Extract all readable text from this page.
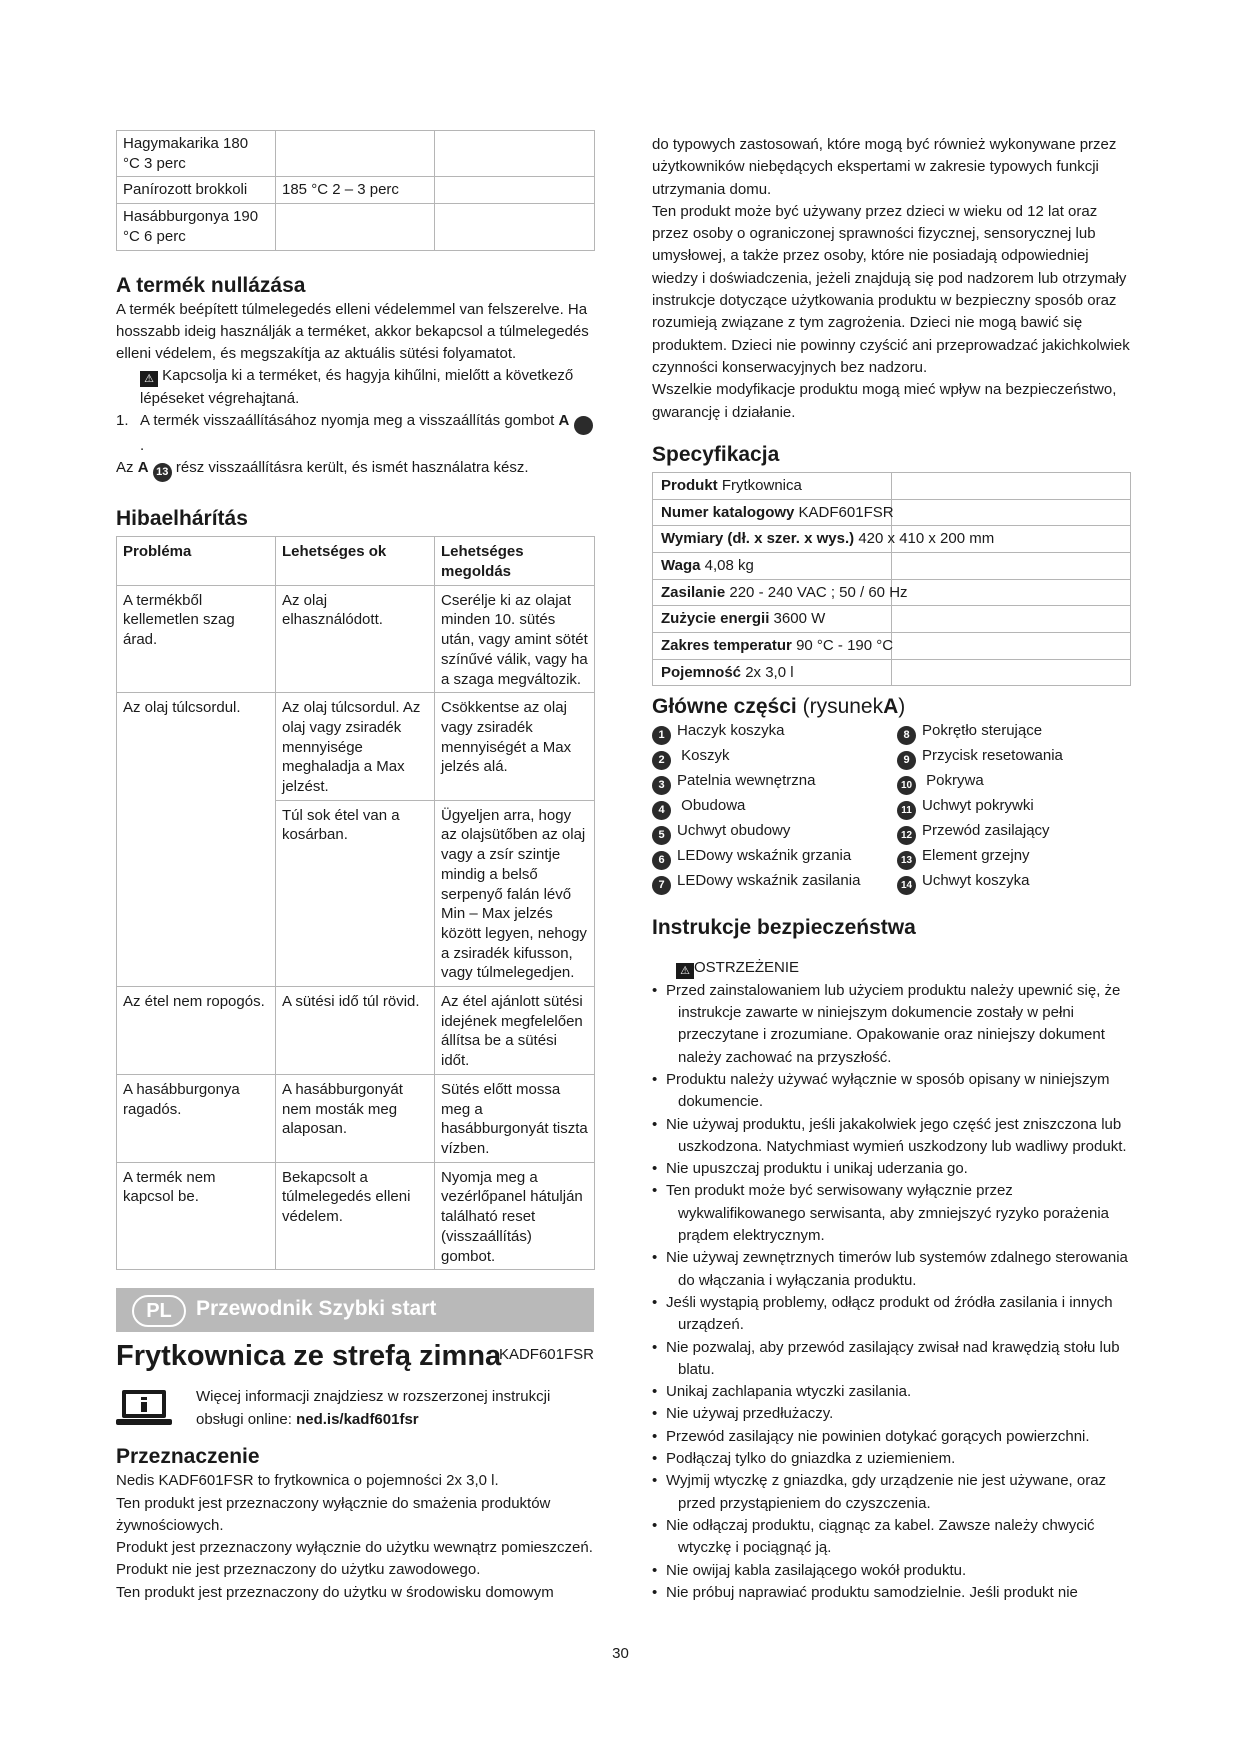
Hagymakarika 180 °C 3 perc		
Panírozott brokkoli	185 °C 2 – 3 perc	
Hasábburgonya 190 °C 6 perc		
A termék nullázása

A termék beépített túlmelegedés elleni védelemmel van felszerelve. Ha hosszabb ideig használják a terméket, akkor bekapcsol a túlmelegedés elleni védelem, és megszakítja az aktuális sütési folyamatot.

⚠ Kapcsolja ki a terméket, és hagyja kihűlni, mielőtt a következő lépéseket végrehajtaná.

1. A termék visszaállításához nyomja meg a visszaállítás gombot A 9.

Az A 13 rész visszaállításra került, és ismét használatra kész.

Hibaelhárítás
Probléma	Lehetséges ok	Lehetséges megoldás
A termékből kellemetlen szag árad.	Az olaj elhasználódott.	Cserélje ki az olajat minden 10. sütés után, vagy amint sötét színűvé válik, vagy ha a szaga megváltozik.
Az olaj túlcsordul.	Az olaj túlcsordul. Az olaj vagy zsiradék mennyisége meghaladja a Max jelzést.	Csökkentse az olaj vagy zsiradék mennyiségét a Max jelzés alá.
	Túl sok étel van a kosárban.	Ügyeljen arra, hogy az olajsütőben az olaj vagy a zsír szintje mindig a belső serpenyő falán lévő Min – Max jelzés között legyen, nehogy a zsiradék kifusson, vagy túlmelegedjen.
Az étel nem ropogós.	A sütési idő túl rövid.	Az étel ajánlott sütési idejének megfelelően állítsa be a sütési időt.
A hasábburgonya ragadós.	A hasábburgonyát nem mosták meg alaposan.	Sütés előtt mossa meg a hasábburgonyát tiszta vízben.
A termék nem kapcsol be.	Bekapcsolt a túlmelegedés elleni védelem.	Nyomja meg a vezérlőpanel hátulján található reset (visszaállítás) gombot.
PL	Przewodnik Szybki start
Frytkownica ze strefą zimna
KADF601FSR

Więcej informacji znajdziesz w rozszerzonej instrukcji obsługi online: ned.is/kadf601fsr

Przeznaczenie

Nedis KADF601FSR to frytkownica o pojemności 2x 3,0 l.

Ten produkt jest przeznaczony wyłącznie do smażenia produktów żywnościowych.

Produkt jest przeznaczony wyłącznie do użytku wewnątrz pomieszczeń.

Produkt nie jest przeznaczony do użytku zawodowego.

Ten produkt jest przeznaczony do użytku w środowisku domowym

do typowych zastosowań, które mogą być również wykonywane przez użytkowników niebędących ekspertami w zakresie typowych funkcji utrzymania domu.

Ten produkt może być używany przez dzieci w wieku od 12 lat oraz przez osoby o ograniczonej sprawności fizycznej, sensorycznej lub umysłowej, a także przez osoby, które nie posiadają odpowiedniej wiedzy i doświadczenia, jeżeli znajdują się pod nadzorem lub otrzymały instrukcje dotyczące użytkowania produktu w bezpieczny sposób oraz rozumieją związane z tym zagrożenia. Dzieci nie mogą bawić się produktem. Dzieci nie powinny czyścić ani przeprowadzać jakichkolwiek czynności konserwacyjnych bez nadzoru.

Wszelkie modyfikacje produktu mogą mieć wpływ na bezpieczeństwo, gwarancję i działanie.

Specyfikacja
Produkt Frytkownica	
Numer katalogowy KADF601FSR	
Wymiary (dł. x szer. x wys.) 420 x 410 x 200 mm	
Waga 4,08 kg	
Zasilanie 220 - 240 VAC ; 50 / 60 Hz	
Zużycie energii 3600 W	
Zakres temperatur 90 °C - 190 °C	
Pojemność 2x 3,0 l	
Główne części (rysunekA)
1 Haczyk koszyka	8 Pokrętło sterujące
2 Koszyk	9 Przycisk resetowania
3 Patelnia wewnętrzna	10 Pokrywa
4 Obudowa	11 Uchwyt pokrywki
5 Uchwyt obudowy	12 Przewód zasilający
6 LEDowy wskaźnik grzania	13 Element grzejny
7 LEDowy wskaźnik zasilania	14 Uchwyt koszyka
Instrukcje bezpieczeństwa

⚠ OSTRZEŻENIE

• Przed zainstalowaniem lub użyciem produktu należy upewnić się, że instrukcje zawarte w niniejszym dokumencie zostały w pełni przeczytane i zrozumiane. Opakowanie oraz niniejszy dokument należy zachować na przyszłość.
• Produktu należy używać wyłącznie w sposób opisany w niniejszym dokumencie.
• Nie używaj produktu, jeśli jakakolwiek jego część jest zniszczona lub uszkodzona. Natychmiast wymień uszkodzony lub wadliwy produkt.
• Nie upuszczaj produktu i unikaj uderzania go.
• Ten produkt może być serwisowany wyłącznie przez wykwalifikowanego serwisanta, aby zmniejszyć ryzyko porażenia prądem elektrycznym.
• Nie używaj zewnętrznych timerów lub systemów zdalnego sterowania do włączania i wyłączania produktu.
• Jeśli wystąpią problemy, odłącz produkt od źródła zasilania i innych urządzeń.
• Nie pozwalaj, aby przewód zasilający zwisał nad krawędzią stołu lub blatu.
• Unikaj zachlapania wtyczki zasilania.
• Nie używaj przedłużaczy.
• Przewód zasilający nie powinien dotykać gorących powierzchni.
• Podłączaj tylko do gniazdka z uziemieniem.
• Wyjmij wtyczkę z gniazdka, gdy urządzenie nie jest używane, oraz przed przystąpieniem do czyszczenia.
• Nie odłączaj produktu, ciągnąc za kabel. Zawsze należy chwycić wtyczkę i pociągnąć ją.
• Nie owijaj kabla zasilającego wokół produktu.
• Nie próbuj naprawiać produktu samodzielnie. Jeśli produkt nie
30
